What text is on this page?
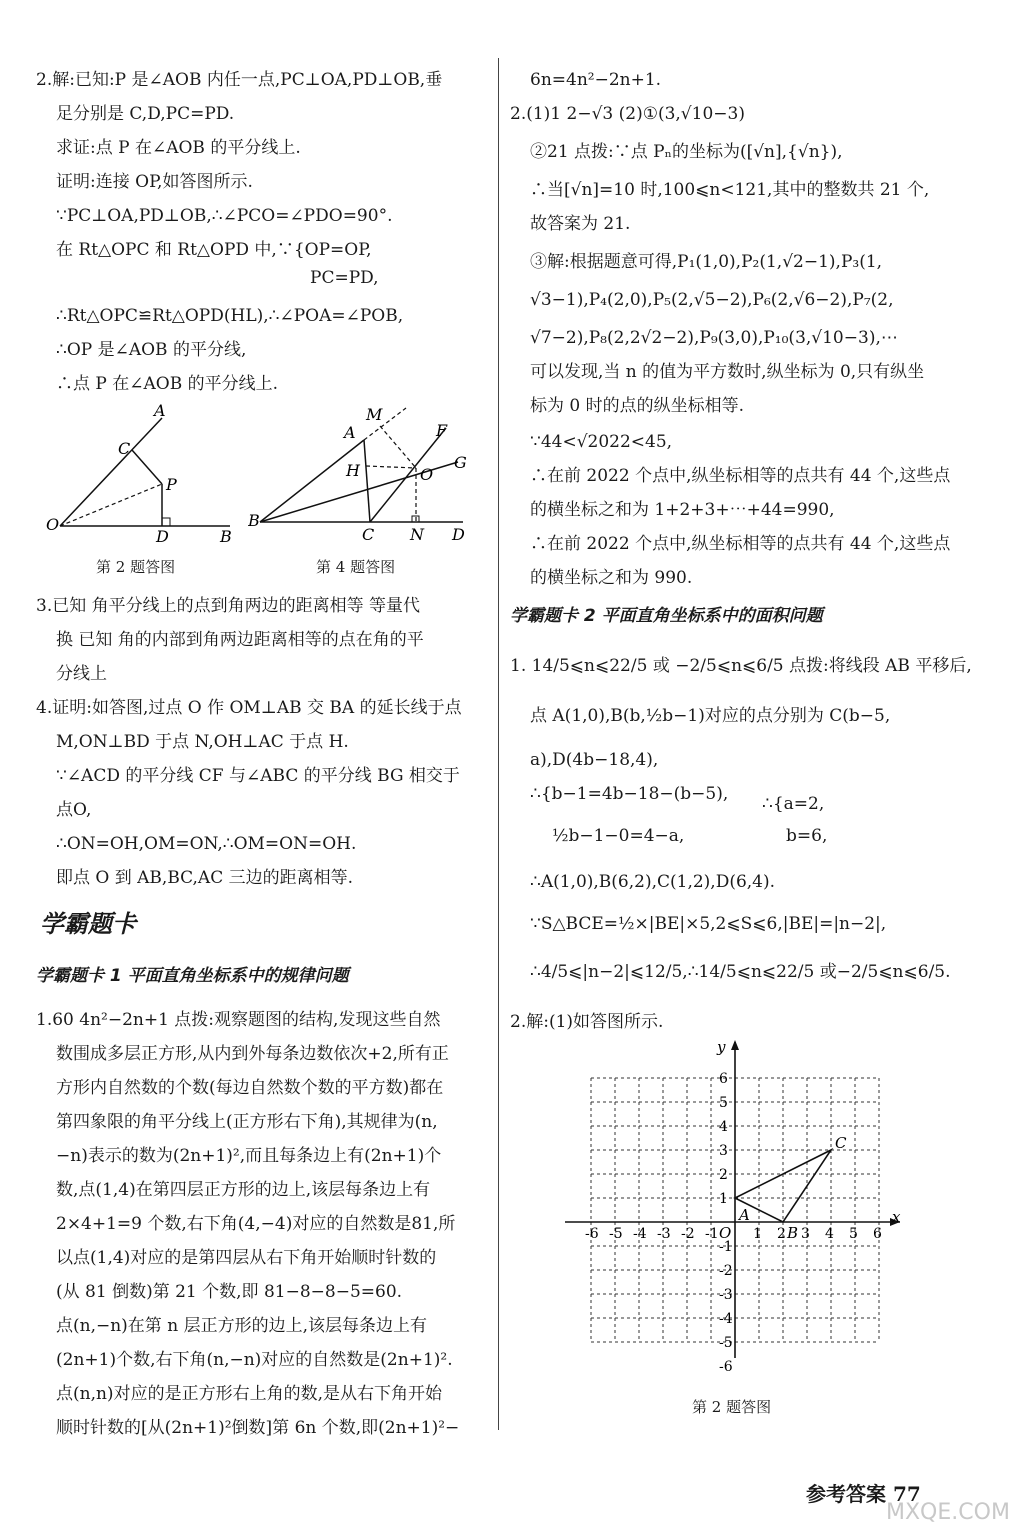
2.解:已知:P 是∠AOB 内任一点,PC⊥OA,PD⊥OB,垂
足分别是 C,D,PC=PD.
求证:点 P 在∠AOB 的平分线上.
证明:连接 OP,如答图所示.
∵PC⊥OA,PD⊥OB,∴∠PCO=∠PDO=90°.
在 Rt△OPC 和 Rt△OPD 中,∵{OP=OP,
PC=PD,
∴Rt△OPC≌Rt△OPD(HL),∴∠POA=∠POB,
∴OP 是∠AOB 的平分线,
∴点 P 在∠AOB 的平分线上.
3.已知 角平分线上的点到角两边的距离相等 等量代
换 已知 角的内部到角两边距离相等的点在角的平
分线上
4.证明:如答图,过点 O 作 OM⊥AB 交 BA 的延长线于点
M,ON⊥BD 于点 N,OH⊥AC 于点 H.
∵∠ACD 的平分线 CF 与∠ABC 的平分线 BG 相交于
点O,
∴ON=OH,OM=ON,∴OM=ON=OH.
即点 O 到 AB,BC,AC 三边的距离相等.
1.60 4n²−2n+1 点拨:观察题图的结构,发现这些自然
数围成多层正方形,从内到外每条边数依次+2,所有正
方形内自然数的个数(每边自然数个数的平方数)都在
第四象限的角平分线上(正方形右下角),其规律为(n,
−n)表示的数为(2n+1)²,而且每条边上有(2n+1)个
数,点(1,4)在第四层正方形的边上,该层每条边上有
2×4+1=9 个数,右下角(4,−4)对应的自然数是81,所
以点(1,4)对应的是第四层从右下角开始顺时针数的
(从 81 倒数)第 21 个数,即 81−8−8−5=60.
点(n,−n)在第 n 层正方形的边上,该层每条边上有
(2n+1)个数,右下角(n,−n)对应的自然数是(2n+1)².
点(n,n)对应的是正方形右上角的数,是从右下角开始
顺时针数的[从(2n+1)²倒数]第 6n 个数,即(2n+1)²−
6n=4n²−2n+1.
2.(1)1 2−√3 (2)①(3,√10−3)
②21 点拨:∵点 Pₙ的坐标为([√n],{√n}),
∴当[√n]=10 时,100⩽n<121,其中的整数共 21 个,
故答案为 21.
③解:根据题意可得,P₁(1,0),P₂(1,√2−1),P₃(1,
√3−1),P₄(2,0),P₅(2,√5−2),P₆(2,√6−2),P₇(2,
√7−2),P₈(2,2√2−2),P₉(3,0),P₁₀(3,√10−3),⋯
可以发现,当 n 的值为平方数时,纵坐标为 0,只有纵坐
标为 0 时的点的纵坐标相等.
∵44<√2022<45,
∴在前 2022 个点中,纵坐标相等的点共有 44 个,这些点
的横坐标之和为 1+2+3+⋯+44=990,
∴在前 2022 个点中,纵坐标相等的点共有 44 个,这些点
的横坐标之和为 990.
1. 14/5⩽n⩽22/5 或 −2/5⩽n⩽6/5 点拨:将线段 AB 平移后,
点 A(1,0),B(b,½b−1)对应的点分别为 C(b−5,
a),D(4b−18,4),
∴{b−1=4b−18−(b−5),
½b−1−0=4−a,
∴{a=2,
b=6,
∴A(1,0),B(6,2),C(1,2),D(6,4).
∵S△BCE=½×|BE|×5,2⩽S⩽6,|BE|=|n−2|,
∴4/5⩽|n−2|⩽12/5,∴14/5⩽n⩽22/5 或−2/5⩽n⩽6/5.
2.解:(1)如答图所示.
学霸题卡
学霸题卡 1 平面直角坐标系中的规律问题
学霸题卡 2 平面直角坐标系中的面积问题
A
C
P
O
D	B
第 2 题答图
M
A	F
H	O
G
B
C N D
第 4 题答图
x
y
O
-6 -5 -4 -3 -2 -1 1 2 3 4 5 6
6
5
4
3
2
1
-1
-2
-3
-4
-5
-6
A
B
C
第 2 题答图
参考答案 77
MXQE.COM
